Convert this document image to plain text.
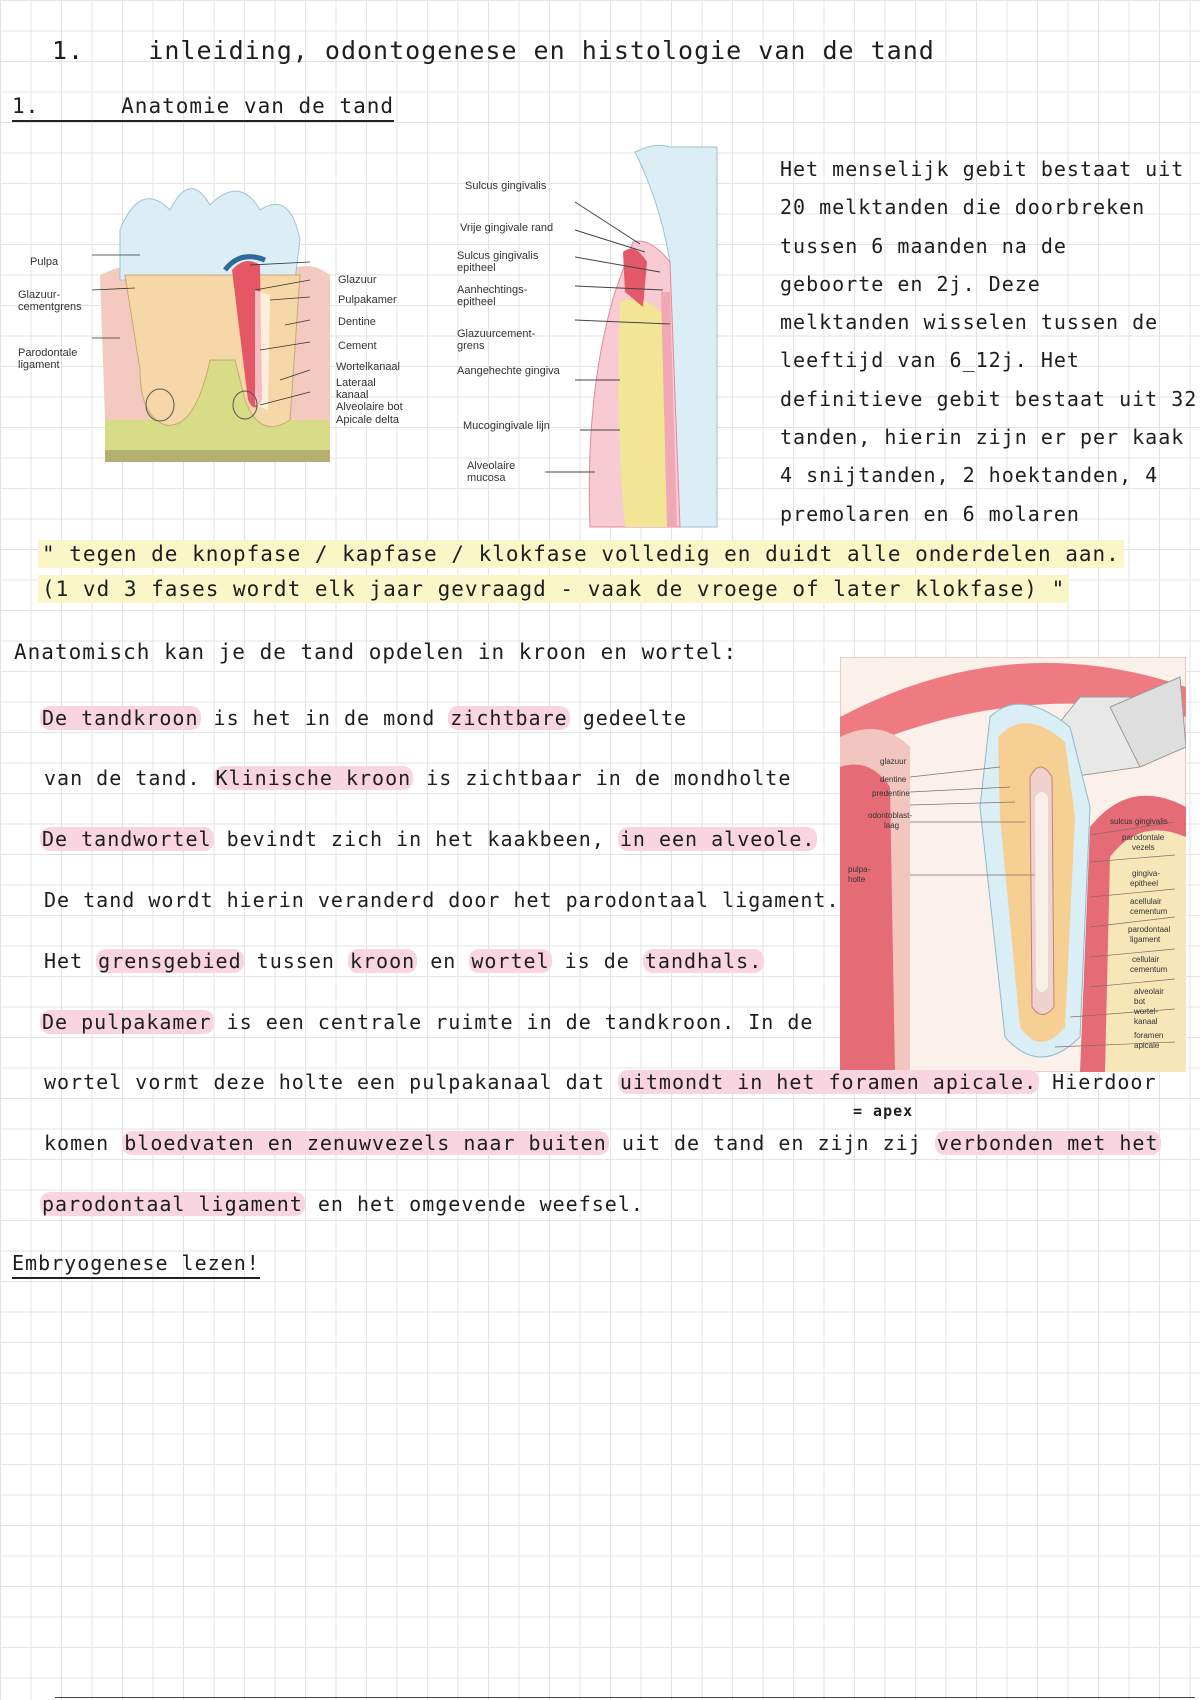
1.	inleiding, odontogenese en histologie van de tand
1.	Anatomie van de tand
Pulpa
Glazuur-
cementgrens
Parodontale
ligament
Glazuur
Pulpakamer
Dentine
Cement
Wortelkanaal
Lateraal
kanaal
Alveolaire bot
Apicale delta
Sulcus gingivalis
Vrije gingivale rand
Sulcus gingivalis
epitheel
Aanhechtings-
epitheel
Glazuurcement-
grens
Aangehechte gingiva
Mucogingivale lijn
Alveolaire
mucosa

Het menselijk gebit bestaat uit

20 melktanden die doorbreken

tussen 6 maanden na de

geboorte en 2j. Deze

melktanden wisselen tussen de

leeftijd van 6_12j. Het

definitieve gebit bestaat uit 32

tanden, hierin zijn er per kaak

4 snijtanden, 2 hoektanden, 4

premolaren en 6 molaren

" tegen de knopfase / kapfase / klokfase volledig en duidt alle onderdelen aan.
(1 vd 3 fases wordt elk jaar gevraagd - vaak de vroege of later klokfase) "
Anatomisch kan je de tand opdelen in kroon en wortel:
glazuur
dentine
predentine
odontoblast-
laag
pulpa-
holte
sulcus gingivalis
parodontale
vezels
gingiva-
epitheel
acellulair
cementum
parodontaal
ligament
cellulair
cementum
alveolair
bot
wortel-
kanaal
foramen
apicale
De tandkroon is het in de mond zichtbare gedeelte
van de tand. Klinische kroon is zichtbaar in de mondholte
De tandwortel bevindt zich in het kaakbeen, in een alveole.
De tand wordt hierin veranderd door het parodontaal ligament.
Het grensgebied tussen kroon en wortel is de tandhals.
De pulpakamer is een centrale ruimte in de tandkroon. In de
wortel vormt deze holte een pulpakanaal dat uitmondt in het foramen apicale. Hierdoor
= apex
komen bloedvaten en zenuwvezels naar buiten uit de tand en zijn zij verbonden met het
parodontaal ligament en het omgevende weefsel.
Embryogenese lezen!
